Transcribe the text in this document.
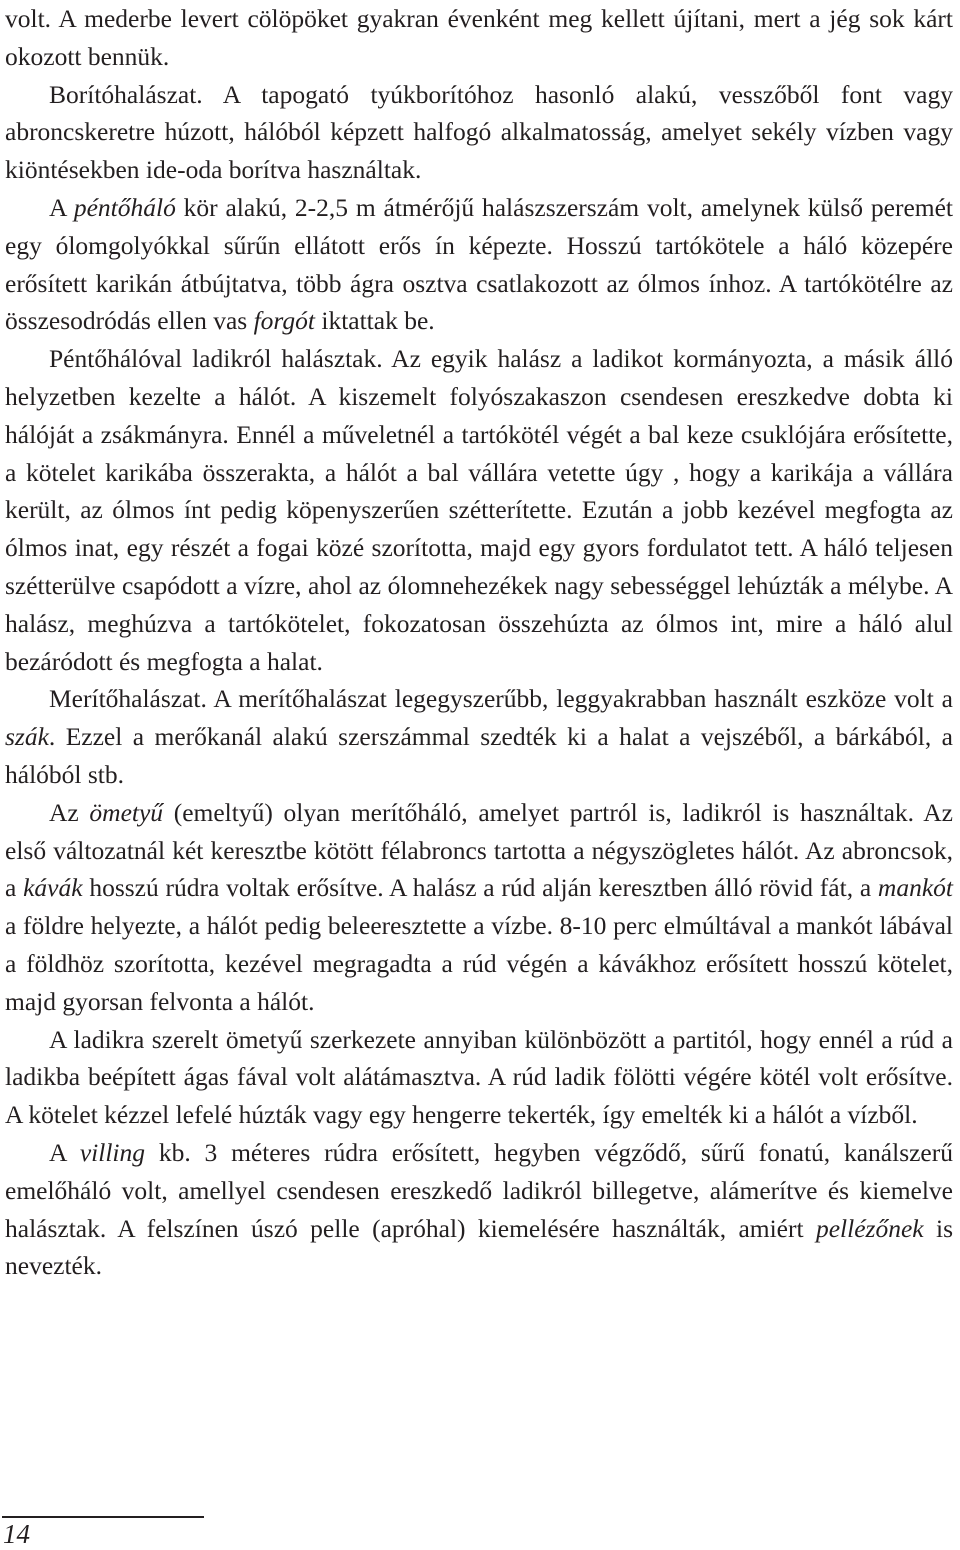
volt. A mederbe levert cölöpöket gyakran évenként meg kellett újítani, mert a jég sok kárt okozott bennük.

Borítóhalászat. A tapogató tyúkborítóhoz hasonló alakú, vesszőből font vagy abroncskeretre húzott, hálóból képzett halfogó alkalmatosság, amelyet sekély vízben vagy kiöntésekben ide-oda borítva használtak.

A péntőháló kör alakú, 2-2,5 m átmérőjű halászszerszám volt, amelynek külső peremét egy ólomgolyókkal sűrűn ellátott erős ín képezte. Hosszú tartókötele a háló közepére erősített karikán átbújtatva, több ágra osztva csatlakozott az ólmos ínhoz. A tartókötélre az összesodródás ellen vas forgót iktattak be.

Péntőhálóval ladikról halásztak. Az egyik halász a ladikot kormányozta, a másik álló helyzetben kezelte a hálót. A kiszemelt folyószakaszon csendesen ereszkedve dobta ki hálóját a zsákmányra. Ennél a műveletnél a tartókötél végét a bal keze csuklójára erősítette, a kötelet karikába összerakta, a hálót a bal vállára vetette úgy , hogy a karikája a vállára került, az ólmos ínt pedig köpenyszerűen szétterítette. Ezután a jobb kezével megfogta az ólmos inat, egy részét a fogai közé szorította, majd egy gyors fordulatot tett. A háló teljesen szétterülve csapódott a vízre, ahol az ólomnehezékek nagy sebességgel lehúzták a mélybe. A halász, meghúzva a tartókötelet, fokozatosan összehúzta az ólmos int, mire a háló alul bezáródott és megfogta a halat.

Merítőhalászat. A merítőhalászat legegyszerűbb, leggyakrabban használt eszköze volt a szák. Ezzel a merőkanál alakú szerszámmal szedték ki a halat a vejszéből, a bárkából, a hálóból stb.

Az ömetyű (emeltyű) olyan merítőháló, amelyet partról is, ladikról is használtak. Az első változatnál két keresztbe kötött félabroncs tartotta a négyszögletes hálót. Az abroncsok, a kávák hosszú rúdra voltak erősítve. A halász a rúd alján keresztben álló rövid fát, a mankót a földre helyezte, a hálót pedig beleeresztette a vízbe. 8-10 perc elmúltával a mankót lábával a földhöz szorította, kezével megragadta a rúd végén a kávákhoz erősített hosszú kötelet, majd gyorsan felvonta a hálót.

A ladikra szerelt ömetyű szerkezete annyiban különbözött a partitól, hogy ennél a rúd a ladikba beépített ágas fával volt alátámasztva. A rúd ladik fölötti végére kötél volt erősítve. A kötelet kézzel lefelé húzták vagy egy hengerre tekerték, így emelték ki a hálót a vízből.

A villing kb. 3 méteres rúdra erősített, hegyben végződő, sűrű fonatú, kanálszerű emelőháló volt, amellyel csendesen ereszkedő ladikról billegetve, alámerítve és kiemelve halásztak. A felszínen úszó pelle (apróhal) kiemelésére használták, amiért pellézőnek is nevezték.

14
